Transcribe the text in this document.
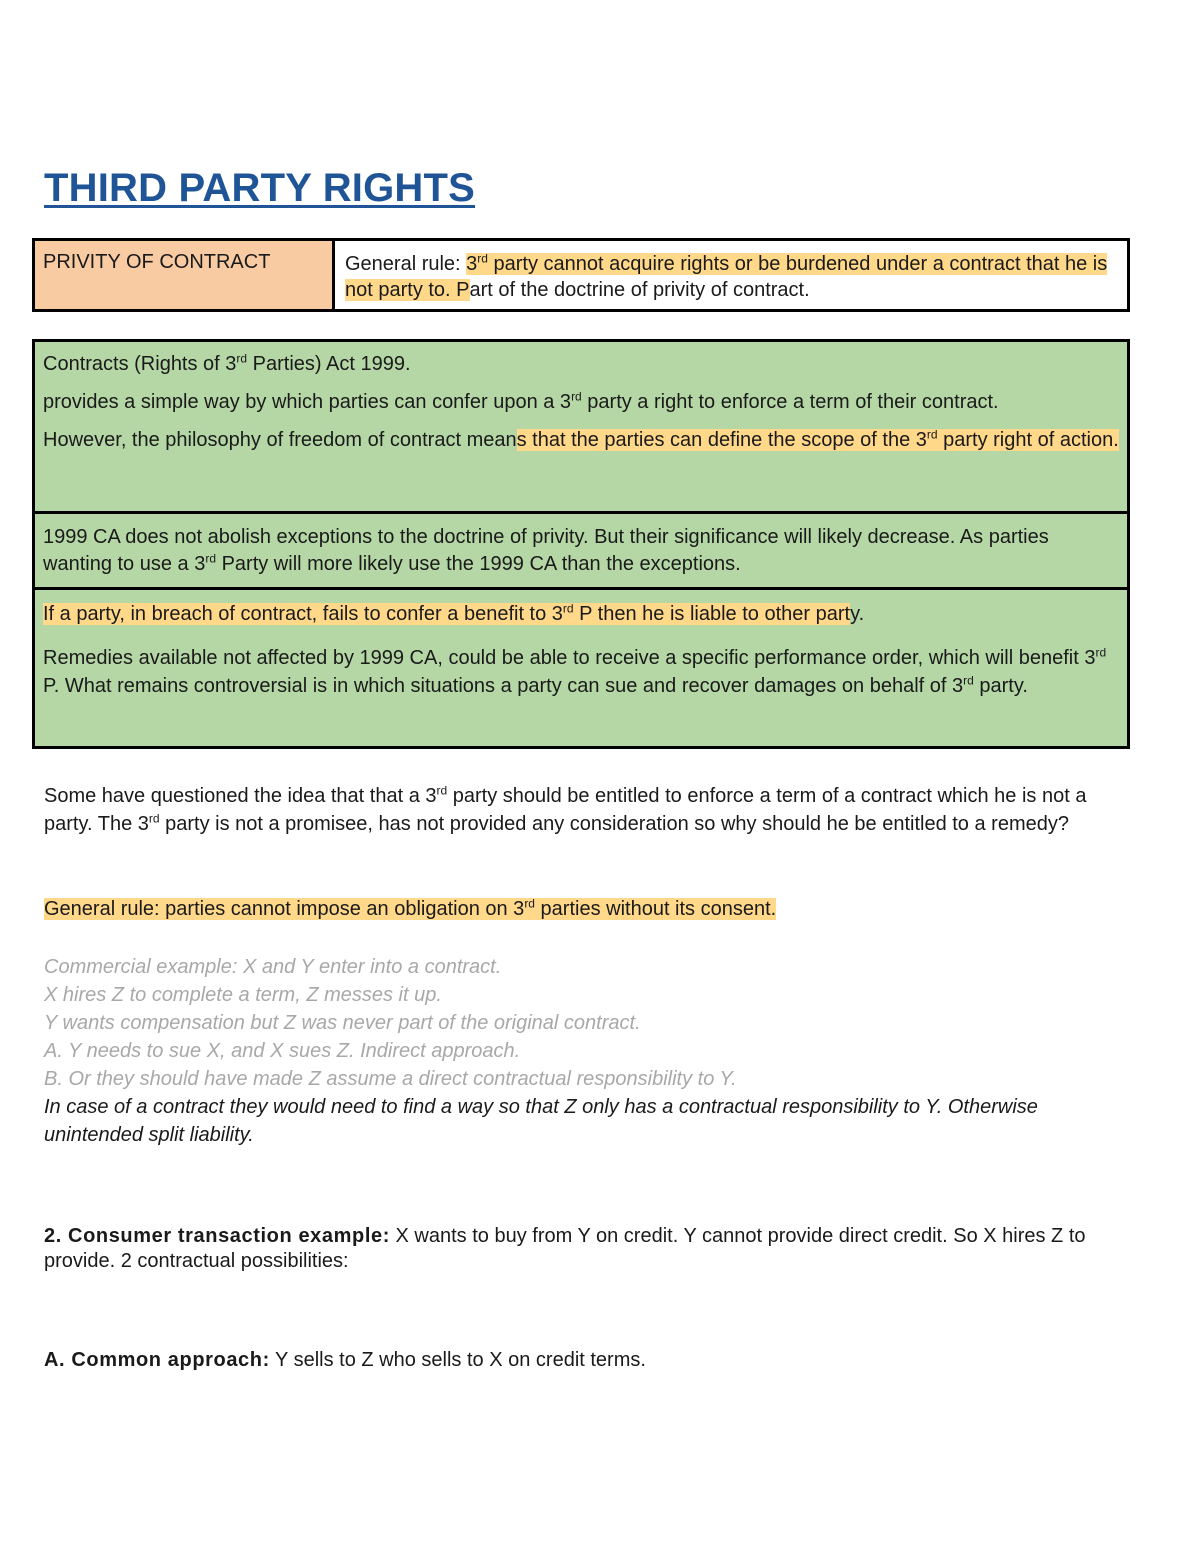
THIRD PARTY RIGHTS
PRIVITY OF CONTRACT	General rule: 3rd party cannot acquire rights or be burdened under a contract that he is not party to. Part of the doctrine of privity of contract.

Contracts (Rights of 3rd Parties) Act 1999.

provides a simple way by which parties can confer upon a 3rd party a right to enforce a term of their contract.

However, the philosophy of freedom of contract means that the parties can define the scope of the 3rd party right of action.

1999 CA does not abolish exceptions to the doctrine of privity. But their significance will likely decrease. As parties wanting to use a 3rd Party will more likely use the 1999 CA than the exceptions.

If a party, in breach of contract, fails to confer a benefit to 3rd P then he is liable to other party.

Remedies available not affected by 1999 CA, could be able to receive a specific performance order, which will benefit 3rd P. What remains controversial is in which situations a party can sue and recover damages on behalf of 3rd party.

Some have questioned the idea that that a 3rd party should be entitled to enforce a term of a contract which he is not a party. The 3rd party is not a promisee, has not provided any consideration so why should he be entitled to a remedy?

General rule: parties cannot impose an obligation on 3rd parties without its consent.

Commercial example: X and Y enter into a contract.
X hires Z to complete a term, Z messes it up.
Y wants compensation but Z was never part of the original contract.
A. Y needs to sue X, and X sues Z. Indirect approach.
B. Or they should have made Z assume a direct contractual responsibility to Y.
In case of a contract they would need to find a way so that Z only has a contractual responsibility to Y. Otherwise unintended split liability.

2. Consumer transaction example: X wants to buy from Y on credit. Y cannot provide direct credit. So X hires Z to provide. 2 contractual possibilities:

A. Common approach: Y sells to Z who sells to X on credit terms.
